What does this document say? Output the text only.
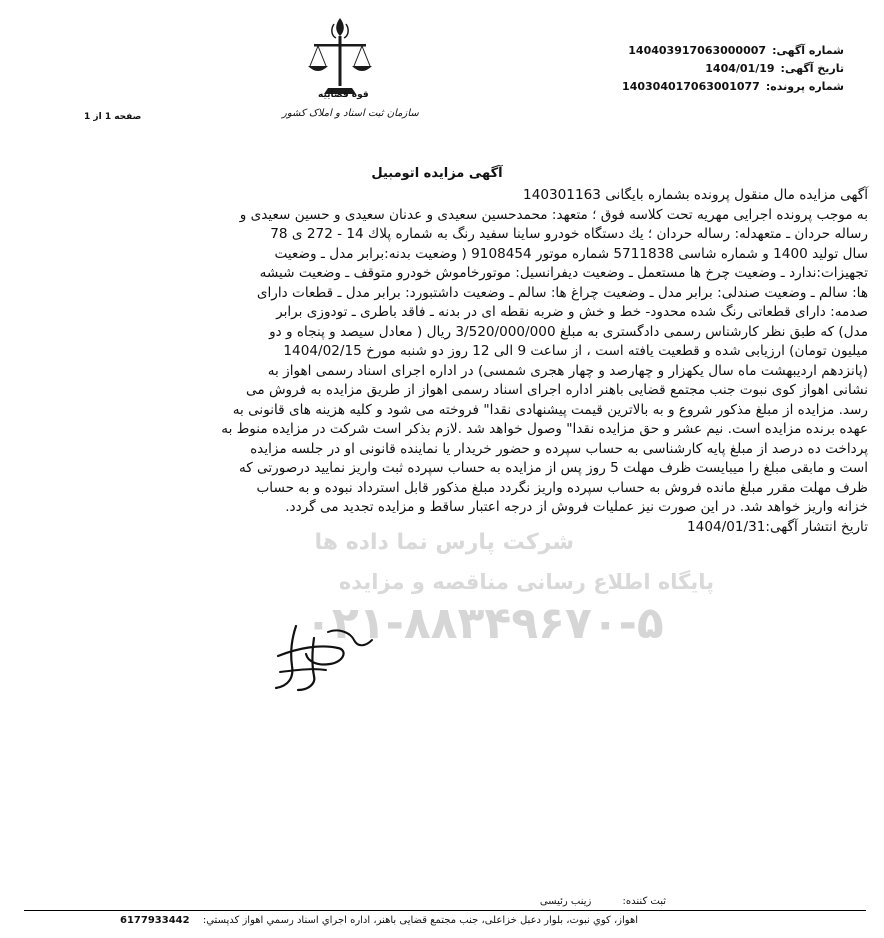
شرکت پارس نما داده ها
پایگاه اطلاع رسانی مناقصه و مزایده
۰۲۱-۸۸۳۴۹۶۷۰-۵
قوه قضاییه
سازمان ثبت اسناد و املاک کشور
شماره آگهی:
140403917063000007
تاریخ آگهی:
1404/01/19
شماره پرونده:
140304017063001077
صفحه 1 از 1
آگهی مزایده اتومبیل
آگهی مزایده مال منقول پرونده بشماره بایگانی 140301163
به موجب پرونده اجرایی مهریه تحت کلاسه فوق ؛ متعهد: محمدحسین سعیدی و عدنان سعیدی و حسین سعیدی و
رساله حردان ـ متعهدله: رساله حردان ؛ یك دستگاه خودرو ساینا سفید رنگ به شماره پلاك 14 - 272 ی 78
سال تولید 1400 و شماره شاسی 5711838 شماره موتور 9108454 ( وضعیت بدنه:برابر مدل ـ وضعیت
تجهیزات:ندارد ـ وضعیت چرخ ها مستعمل ـ وضعیت دیفرانسیل: موتورخاموش خودرو متوقف ـ وضعیت شیشه
ها: سالم ـ وضعیت صندلی: برابر مدل ـ وضعیت چراغ ها: سالم ـ وضعیت داشتبورد: برابر مدل ـ قطعات دارای
صدمه: دارای قطعاتی رنگ شده محدود- خط و خش و ضربه نقطه ای در بدنه ـ فاقد باطری ـ تودوزی برابر
مدل) که طبق نظر کارشناس رسمی دادگستری به مبلغ 3/520/000/000 ریال ( معادل سیصد و پنجاه و دو
میلیون تومان) ارزیابی شده و قطعیت یافته است ، از ساعت 9 الی 12 روز دو شنبه مورخ 1404/02/15
(پانزدهم اردیبهشت ماه سال یکهزار و چهارصد و چهار هجری شمسی) در اداره اجرای اسناد رسمی اهواز به
نشانی اهواز کوی نبوت جنب مجتمع قضایی باهنر اداره اجرای اسناد رسمی اهواز از طریق مزایده به فروش می
رسد. مزایده از مبلغ مذکور شروع و به بالاترین قیمت پیشنهادی نقدا" فروخته می شود و کلیه هزینه های قانونی به
عهده برنده مزایده است. نیم عشر و حق مزایده نقدا" وصول خواهد شد .لازم بذکر است شرکت در مزایده منوط به
پرداخت ده درصد از مبلغ پایه کارشناسی به حساب سپرده و حضور خریدار یا نماینده قانونی او در جلسه مزایده
است و مابقی مبلغ را میبایست ظرف مهلت 5 روز پس از مزایده به حساب سپرده ثبت واریز نمایید درصورتی که
ظرف مهلت مقرر مبلغ مانده فروش به حساب سپرده واریز نگردد مبلغ مذکور قابل استرداد نبوده و به حساب
خزانه واریز خواهد شد. در این صورت نیز عملیات فروش از درجه اعتبار ساقط و مزایده تجدید می گردد.
تاریخ انتشار آگهی:1404/01/31
ثبت کننده: زینب رئیسی
اهواز، کوي نبوت، بلوار دعبل خزاعلی، جنب مجتمع قضایی باهنر، اداره اجراي اسناد رسمي اهواز کدپستي:
6177933442
